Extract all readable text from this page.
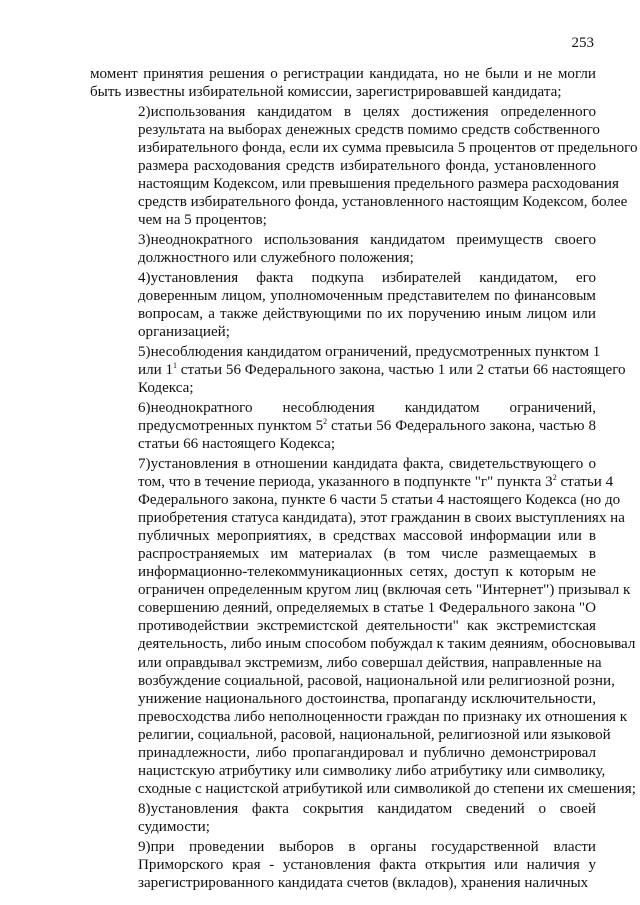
253
момент принятия решения о регистрации кандидата, но не были и не могли
быть известны избирательной комиссии, зарегистрировавшей кандидата;
2)использования кандидатом в целях достижения определенного
результата на выборах денежных средств помимо средств собственного
избирательного фонда, если их сумма превысила 5 процентов от предельного
размера расходования средств избирательного фонда, установленного
настоящим Кодексом, или превышения предельного размера расходования
средств избирательного фонда, установленного настоящим Кодексом, более
чем на 5 процентов;
3)неоднократного использования кандидатом преимуществ своего
должностного или служебного положения;
4)установления факта подкупа избирателей кандидатом, его
доверенным лицом, уполномоченным представителем по финансовым
вопросам, а также действующими по их поручению иным лицом или
организацией;
5)несоблюдения кандидатом ограничений, предусмотренных пунктом 1
или $1^1$ статьи 56 Федерального закона, частью 1 или 2 статьи 66 настоящего
Кодекса;
6)неоднократного несоблюдения кандидатом ограничений,
предусмотренных пунктом $5^2$ статьи 56 Федерального закона, частью 8
статьи 66 настоящего Кодекса;
7)установления в отношении кандидата факта, свидетельствующего о
том, что в течение периода, указанного в подпункте "г" пункта $3^2$ статьи 4
Федерального закона, пункте 6 части 5 статьи 4 настоящего Кодекса (но до
приобретения статуса кандидата), этот гражданин в своих выступлениях на
публичных мероприятиях, в средствах массовой информации или в
распространяемых им материалах (в том числе размещаемых в
информационно-телекоммуникационных сетях, доступ к которым не
ограничен определенным кругом лиц (включая сеть "Интернет") призывал к
совершению деяний, определяемых в статье 1 Федерального закона "О
противодействии экстремистской деятельности" как экстремистская
деятельность, либо иным способом побуждал к таким деяниям, обосновывал
или оправдывал экстремизм, либо совершал действия, направленные на
возбуждение социальной, расовой, национальной или религиозной розни,
унижение национального достоинства, пропаганду исключительности,
превосходства либо неполноценности граждан по признаку их отношения к
религии, социальной, расовой, национальной, религиозной или языковой
принадлежности, либо пропагандировал и публично демонстрировал
нацистскую атрибутику или символику либо атрибутику или символику,
сходные с нацистской атрибутикой или символикой до степени их смешения;
8)установления факта сокрытия кандидатом сведений о своей
судимости;
9)при проведении выборов в органы государственной власти
Приморского края - установления факта открытия или наличия у
зарегистрированного кандидата счетов (вкладов), хранения наличных
